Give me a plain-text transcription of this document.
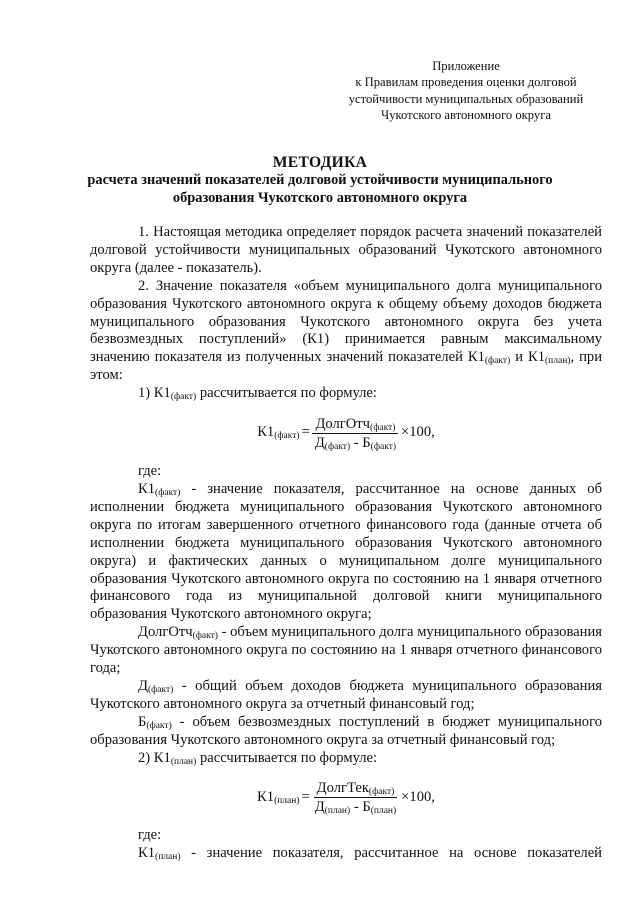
Приложение
к Правилам проведения оценки долговой
устойчивости муниципальных образований
Чукотского автономного округа
МЕТОДИКА
расчета значений показателей долговой устойчивости муниципального
образования Чукотского автономного округа

1. Настоящая методика определяет порядок расчета значений показателей долговой устойчивости муниципальных образований Чукотского автономного округа (далее - показатель).

2. Значение показателя «объем муниципального долга муниципального образования Чукотского автономного округа к общему объему доходов бюджета муниципального образования Чукотского автономного округа без учета безвозмездных поступлений» (К1) принимается равным максимальному значению показателя из полученных значений показателей $К1_{(факт)}$ и $К1_{(план)}$, при этом:

1) $К1_{(факт)}$ рассчитывается по формуле:

$К1_{(факт)} = \frac{ДолгОтч_{(факт)}}{Д_{(факт)} - Б_{(факт)}} \times 100$,

где:

$К1_{(факт)}$ - значение показателя, рассчитанное на основе данных об исполнении бюджета муниципального образования Чукотского автономного округа по итогам завершенного отчетного финансового года (данные отчета об исполнении бюджета муниципального образования Чукотского автономного округа) и фактических данных о муниципальном долге муниципального образования Чукотского автономного округа по состоянию на 1 января отчетного финансового года из муниципальной долговой книги муниципального образования Чукотского автономного округа;

ДолгОтч$_{(факт)}$ - объем муниципального долга муниципального образования Чукотского автономного округа по состоянию на 1 января отчетного финансового года;

$Д_{(факт)}$ - общий объем доходов бюджета муниципального образования Чукотского автономного округа за отчетный финансовый год;

$Б_{(факт)}$ - объем безвозмездных поступлений в бюджет муниципального образования Чукотского автономного округа за отчетный финансовый год;

2) $К1_{(план)}$ рассчитывается по формуле:

$К1_{(план)} = \frac{ДолгТек_{(факт)}}{Д_{(план)} - Б_{(план)}} \times 100$,

где:

$К1_{(план)}$ - значение показателя, рассчитанное на основе показателей
